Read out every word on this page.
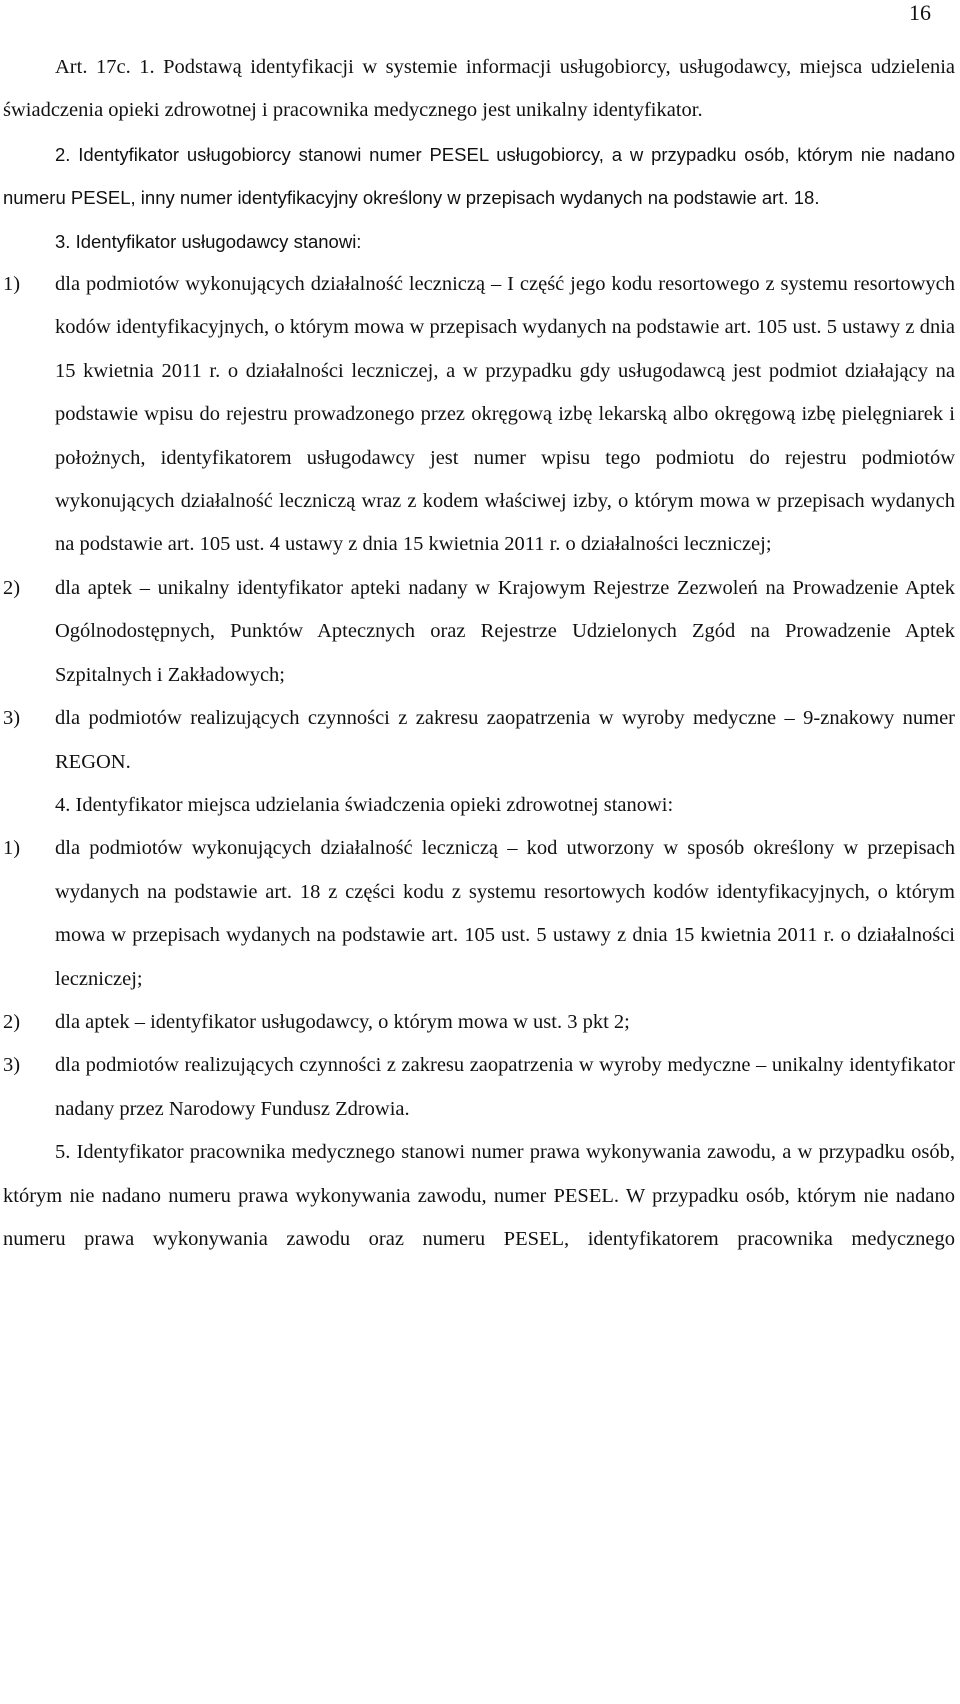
16

Art. 17c. 1. Podstawą identyfikacji w systemie informacji usługobiorcy, usługodawcy, miejsca udzielenia świadczenia opieki zdrowotnej i pracownika medycznego jest unikalny identyfikator.

2. Identyfikator usługobiorcy stanowi numer PESEL usługobiorcy, a w przypadku osób, którym nie nadano numeru PESEL, inny numer identyfikacyjny określony w przepisach wydanych na podstawie art. 18.

3. Identyfikator usługodawcy stanowi:

1)	dla podmiotów wykonujących działalność leczniczą – I część jego kodu resortowego z systemu resortowych kodów identyfikacyjnych, o którym mowa w przepisach wydanych na podstawie art. 105 ust. 5 ustawy z dnia 15 kwietnia 2011 r. o działalności leczniczej, a w przypadku gdy usługodawcą jest podmiot działający na podstawie wpisu do rejestru prowadzonego przez okręgową izbę lekarską albo okręgową izbę pielęgniarek i położnych, identyfikatorem usługodawcy jest numer wpisu tego podmiotu do rejestru podmiotów wykonujących działalność leczniczą wraz z kodem właściwej izby, o którym mowa w przepisach wydanych na podstawie art. 105 ust. 4 ustawy z dnia 15 kwietnia 2011 r. o działalności leczniczej;
2)	dla aptek – unikalny identyfikator apteki nadany w Krajowym Rejestrze Zezwoleń na Prowadzenie Aptek Ogólnodostępnych, Punktów Aptecznych oraz Rejestrze Udzielonych Zgód na Prowadzenie Aptek Szpitalnych i Zakładowych;
3)	dla podmiotów realizujących czynności z zakresu zaopatrzenia w wyroby medyczne – 9-znakowy numer REGON.

4. Identyfikator miejsca udzielania świadczenia opieki zdrowotnej stanowi:

1)	dla podmiotów wykonujących działalność leczniczą – kod utworzony w sposób określony w przepisach wydanych na podstawie art. 18 z części kodu z systemu resortowych kodów identyfikacyjnych, o którym mowa w przepisach wydanych na podstawie art. 105 ust. 5 ustawy z dnia 15 kwietnia 2011 r. o działalności leczniczej;
2)	dla aptek – identyfikator usługodawcy, o którym mowa w ust. 3 pkt 2;
3)	dla podmiotów realizujących czynności z zakresu zaopatrzenia w wyroby medyczne – unikalny identyfikator nadany przez Narodowy Fundusz Zdrowia.

5. Identyfikator pracownika medycznego stanowi numer prawa wykonywania zawodu, a w przypadku osób, którym nie nadano numeru prawa wykonywania zawodu, numer PESEL. W przypadku osób, którym nie nadano numeru prawa wykonywania zawodu oraz numeru PESEL, identyfikatorem pracownika medycznego
